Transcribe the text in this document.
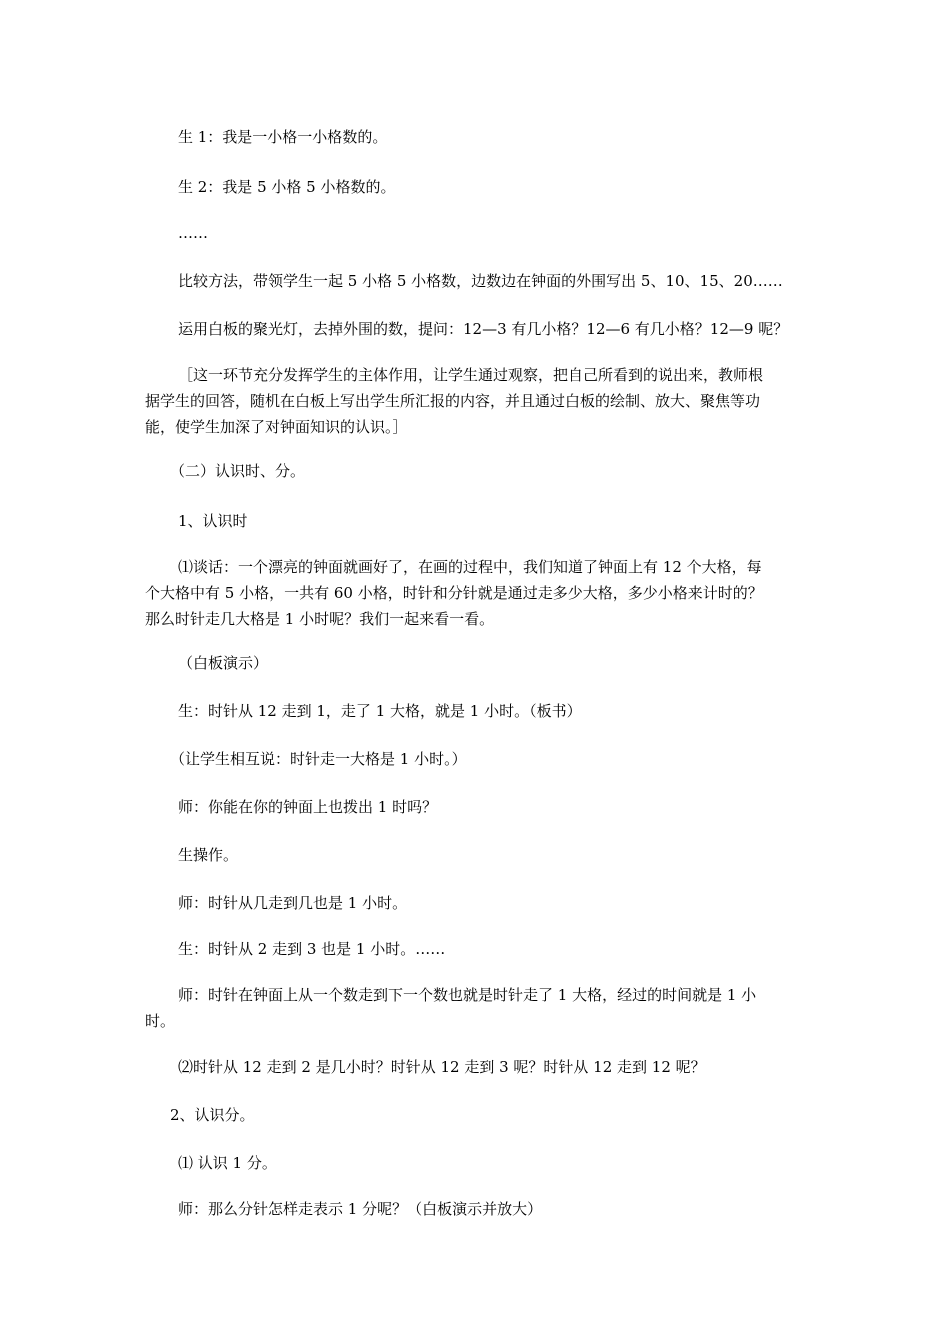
生 1：我是一小格一小格数的。
生 2：我是 5 小格 5 小格数的。
……
比较方法，带领学生一起 5 小格 5 小格数，边数边在钟面的外围写出 5、10、15、20……
运用白板的聚光灯，去掉外围的数，提问：12—3 有几小格？12—6 有几小格？12—9 呢？
［这一环节充分发挥学生的主体作用，让学生通过观察，把自己所看到的说出来，教师根
据学生的回答，随机在白板上写出学生所汇报的内容，并且通过白板的绘制、放大、聚焦等功
能，使学生加深了对钟面知识的认识。］
（二）认识时、分。
1、认识时
⑴谈话：一个漂亮的钟面就画好了，在画的过程中，我们知道了钟面上有 12 个大格，每
个大格中有 5 小格，一共有 60 小格，时针和分针就是通过走多少大格，多少小格来计时的？
那么时针走几大格是 1 小时呢？我们一起来看一看。
（白板演示）
生：时针从 12 走到 1，走了 1 大格，就是 1 小时。（板书）
（让学生相互说：时针走一大格是 1 小时。）
师：你能在你的钟面上也拨出 1 时吗？
生操作。
师：时针从几走到几也是 1 小时。
生：时针从 2 走到 3 也是 1 小时。……
师：时针在钟面上从一个数走到下一个数也就是时针走了 1 大格，经过的时间就是 1 小
时。
⑵时针从 12 走到 2 是几小时？时针从 12 走到 3 呢？时针从 12 走到 12 呢？
2、认识分。
⑴ 认识 1 分。
师：那么分针怎样走表示 1 分呢？（白板演示并放大）
